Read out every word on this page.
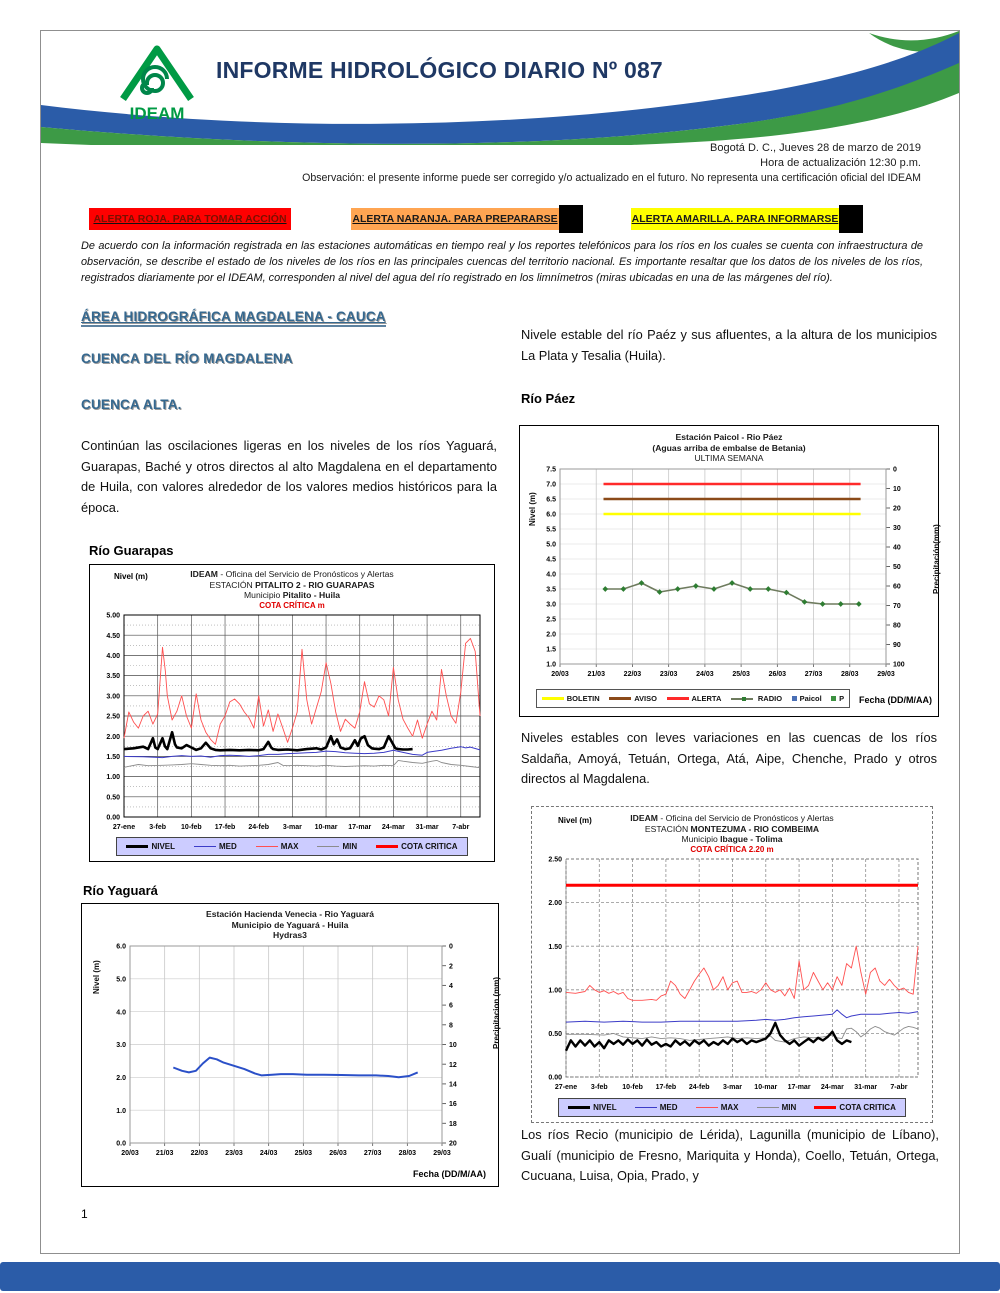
IDEAM
INFORME HIDROLÓGICO DIARIO Nº 087
Bogotá D. C., Jueves 28 de marzo de 2019
Hora de actualización 12:30 p.m.
Observación: el presente informe puede ser corregido y/o actualizado en el futuro. No representa una certificación oficial del IDEAM
ALERTA ROJA. PARA TOMAR ACCIÓN	ALERTA NARANJA. PARA PREPARARSE	ALERTA AMARILLA. PARA INFORMARSE
De acuerdo con la información registrada en las estaciones automáticas en tiempo real y los reportes telefónicos para los ríos en los cuales se cuenta con infraestructura de observación, se describe el estado de los niveles de los ríos en las principales cuencas del territorio nacional. Es importante resaltar que los datos de los niveles de los ríos, registrados diariamente por el IDEAM, corresponden al nivel del agua del río registrado en los limnímetros (miras ubicadas en una de las márgenes del río).
ÁREA HIDROGRÁFICA MAGDALENA - CAUCA
CUENCA DEL RÍO MAGDALENA
CUENCA ALTA.
Continúan las oscilaciones ligeras en los niveles de los ríos Yaguará, Guarapas, Baché y otros directos al alto Magdalena en el departamento de Huila, con valores alrededor de los valores medios históricos para la época.
Río Guarapas
Nivel (m)	IDEAM - Oficina del Servicio de Pronósticos y Alertas
ESTACIÓN PITALITO 2 - RIO GUARAPAS
Municipio Pitalito - Huila
COTA CRÍTICA m
0.00
0.50
1.00
1.50
2.00
2.50
3.00
3.50
4.00
4.50
5.00
27-ene 3-feb 10-feb 17-feb 24-feb 3-mar 10-mar 17-mar 24-mar 31-mar 7-abr
NIVEL	MED	MAX	MIN	COTA CRITICA
Río Yaguará
Estación Hacienda Venecia - Rio Yaguará
Municipio de Yaguará - Huila
Hydras3
Nivel (m)	Precipitacion (mm)
0.0
1.0
2.0
3.0
4.0
5.0
6.0
20/03 21/03 22/03 23/03 24/03 25/03 26/03 27/03 28/03 29/03
0
2
4
6
8
10
12
14
16
18
20
Fecha (DD/M/AA)
Nivele estable del río Paéz y sus afluentes, a la altura de los municipios La Plata y Tesalia (Huila).
Río Páez
Estación Paicol - Rio Páez
(Aguas arriba de embalse de Betania)
ULTIMA SEMANA
Nivel (m)
Precipitación(mm)
1.0
1.5
2.0
2.5
3.0
3.5
4.0
4.5
5.0
5.5
6.0
6.5
7.0
7.5
20/03	21/03	22/03	23/03	24/03	25/03	26/03	27/03	28/03	29/03
0
10
20
30
40
50
60
70
80
90
100
BOLETIN	AVISO	ALERTA	RADIO Paicol P Fecha (DD/M/AA)
Niveles estables con leves variaciones en las cuencas de los ríos Saldaña, Amoyá, Tetuán, Ortega, Atá, Aipe, Chenche, Prado y otros directos al Magdalena.
Nivel (m)	IDEAM - Oficina del Servicio de Pronósticos y Alertas
ESTACIÓN MONTEZUMA - RIO COMBEIMA
Municipio Ibague - Tolima
COTA CRÍTICA 2.20 m
0.00
0.50
1.00
1.50
2.00
2.50
27-ene 3-feb 10-feb 17-feb 24-feb 3-mar 10-mar 17-mar 24-mar 31-mar 7-abr
NIVEL	MED	MAX	MIN	COTA CRITICA
Los ríos Recio (municipio de Lérida), Lagunilla (municipio de Líbano), Gualí (municipio de Fresno, Mariquita y Honda), Coello, Tetuán, Ortega, Cucuana, Luisa, Opia, Prado, y
1
